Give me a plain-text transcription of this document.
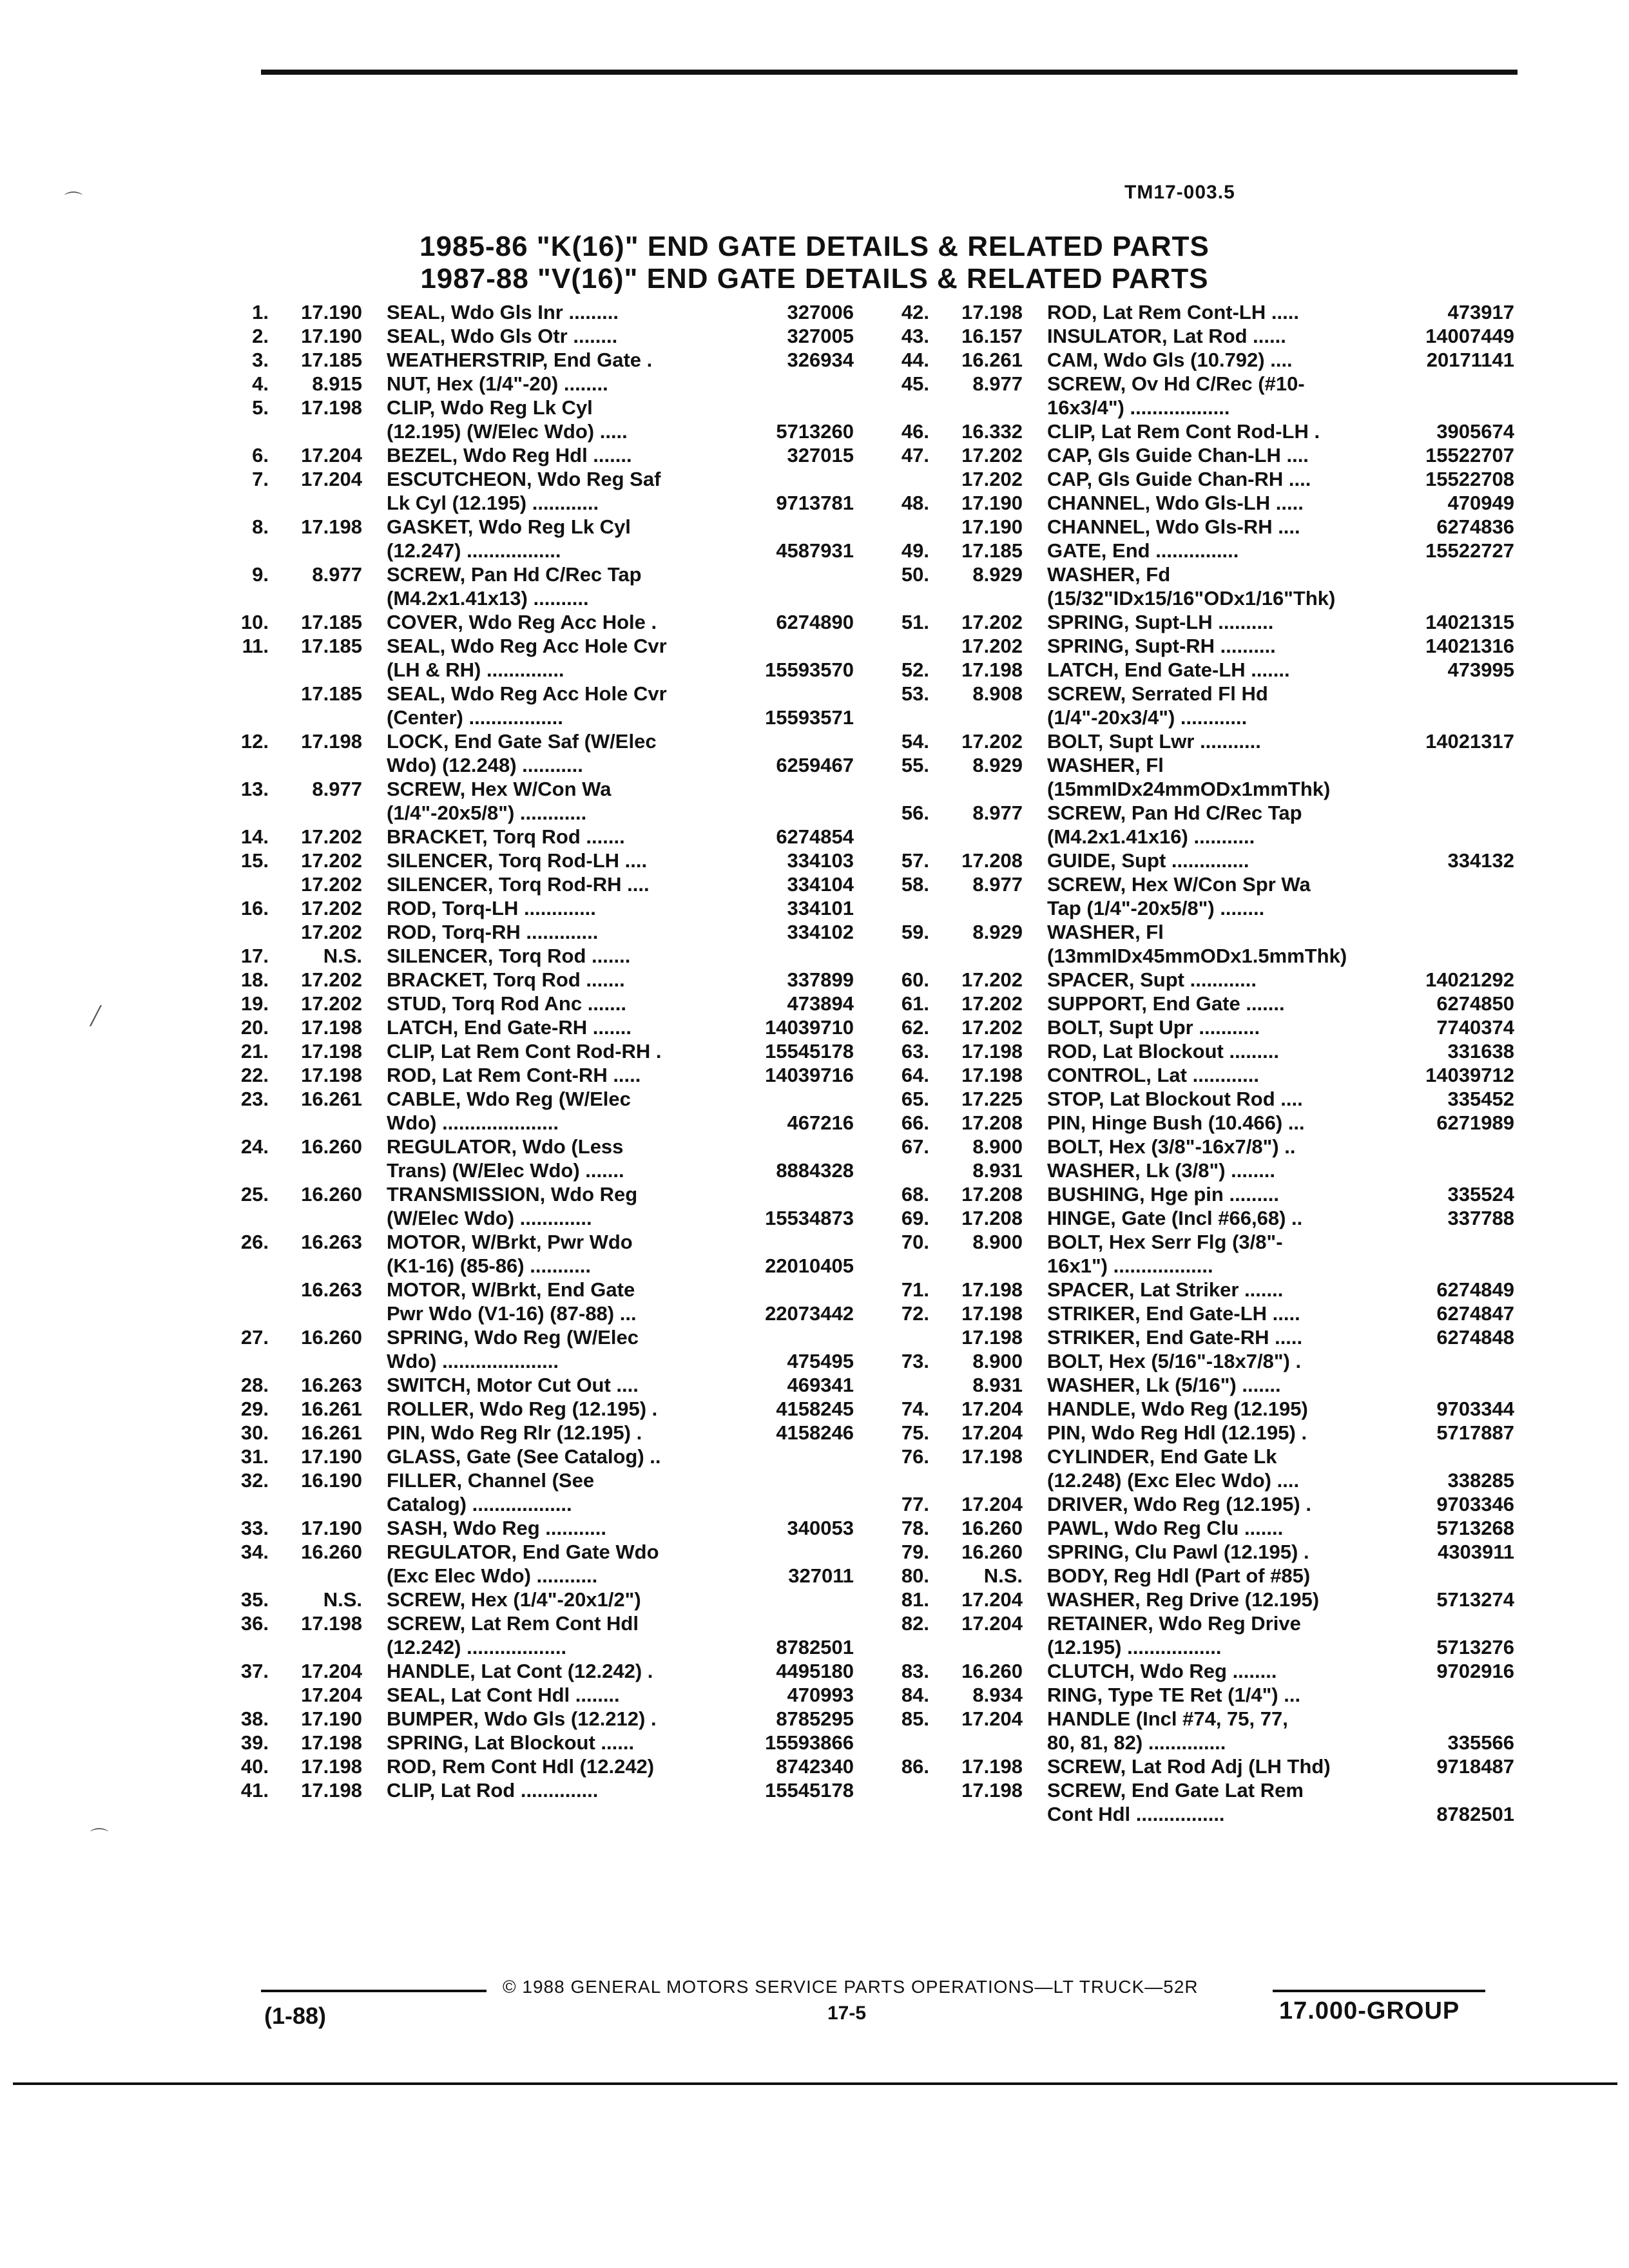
TM17-003.5
1985-86 "K(16)" END GATE DETAILS & RELATED PARTS
1987-88 "V(16)" END GATE DETAILS & RELATED PARTS
1.	17.190 SEAL, Wdo Gls Inr .........	327006
2.	17.190 SEAL, Wdo Gls Otr ........	327005
3.	17.185 WEATHERSTRIP, End Gate .	326934
4.	8.915 NUT, Hex (1/4"-20) ........
5.	17.198 CLIP, Wdo Reg Lk Cyl
(12.195) (W/Elec Wdo) .....	5713260
6.	17.204 BEZEL, Wdo Reg Hdl .......	327015
7.	17.204 ESCUTCHEON, Wdo Reg Saf
Lk Cyl (12.195) ............	9713781
8.	17.198 GASKET, Wdo Reg Lk Cyl
(12.247) .................	4587931
9.	8.977 SCREW, Pan Hd C/Rec Tap
(M4.2x1.41x13) ..........
10.	17.185 COVER, Wdo Reg Acc Hole .	6274890
11.	17.185 SEAL, Wdo Reg Acc Hole Cvr
(LH & RH) ..............	15593570
17.185 SEAL, Wdo Reg Acc Hole Cvr
(Center) .................	15593571
12.	17.198 LOCK, End Gate Saf (W/Elec
Wdo) (12.248) ...........	6259467
13.	8.977 SCREW, Hex W/Con Wa
(1/4"-20x5/8") ............
14.	17.202 BRACKET, Torq Rod .......	6274854
15.	17.202 SILENCER, Torq Rod-LH ....	334103
17.202 SILENCER, Torq Rod-RH ....	334104
16.	17.202 ROD, Torq-LH .............	334101
17.202 ROD, Torq-RH .............	334102
17.	N.S. SILENCER, Torq Rod .......
18.	17.202 BRACKET, Torq Rod .......	337899
19.	17.202 STUD, Torq Rod Anc .......	473894
20.	17.198 LATCH, End Gate-RH .......	14039710
21.	17.198 CLIP, Lat Rem Cont Rod-RH .	15545178
22.	17.198 ROD, Lat Rem Cont-RH .....	14039716
23.	16.261 CABLE, Wdo Reg (W/Elec
Wdo) .....................	467216
24.	16.260 REGULATOR, Wdo (Less
Trans) (W/Elec Wdo) .......	8884328
25.	16.260 TRANSMISSION, Wdo Reg
(W/Elec Wdo) .............	15534873
26.	16.263 MOTOR, W/Brkt, Pwr Wdo
(K1-16) (85-86) ...........	22010405
16.263 MOTOR, W/Brkt, End Gate
Pwr Wdo (V1-16) (87-88) ...	22073442
27.	16.260 SPRING, Wdo Reg (W/Elec
Wdo) .....................	475495
28.	16.263 SWITCH, Motor Cut Out ....	469341
29.	16.261 ROLLER, Wdo Reg (12.195) .	4158245
30.	16.261 PIN, Wdo Reg Rlr (12.195) .	4158246
31.	17.190 GLASS, Gate (See Catalog) ..
32.	16.190 FILLER, Channel (See
Catalog) ..................
33.	17.190 SASH, Wdo Reg ...........	340053
34.	16.260 REGULATOR, End Gate Wdo
(Exc Elec Wdo) ...........	327011
35.	N.S. SCREW, Hex (1/4"-20x1/2")
36.	17.198 SCREW, Lat Rem Cont Hdl
(12.242) ..................	8782501
37.	17.204 HANDLE, Lat Cont (12.242) .	4495180
17.204 SEAL, Lat Cont Hdl ........	470993
38.	17.190 BUMPER, Wdo Gls (12.212) .	8785295
39.	17.198 SPRING, Lat Blockout ......	15593866
40.	17.198 ROD, Rem Cont Hdl (12.242)	8742340
41.	17.198 CLIP, Lat Rod ..............	15545178
42.	17.198 ROD, Lat Rem Cont-LH .....	473917
43.	16.157 INSULATOR, Lat Rod ......	14007449
44.	16.261 CAM, Wdo Gls (10.792) ....	20171141
45.	8.977 SCREW, Ov Hd C/Rec (#10-
16x3/4") ..................
46.	16.332 CLIP, Lat Rem Cont Rod-LH .	3905674
47.	17.202 CAP, Gls Guide Chan-LH ....	15522707
17.202 CAP, Gls Guide Chan-RH ....	15522708
48.	17.190 CHANNEL, Wdo Gls-LH .....	470949
17.190 CHANNEL, Wdo Gls-RH ....	6274836
49.	17.185 GATE, End ...............	15522727
50.	8.929 WASHER, Fd
(15/32"IDx15/16"ODx1/16"Thk)
51.	17.202 SPRING, Supt-LH ..........	14021315
17.202 SPRING, Supt-RH ..........	14021316
52.	17.198 LATCH, End Gate-LH .......	473995
53.	8.908 SCREW, Serrated Fl Hd
(1/4"-20x3/4") ............
54.	17.202 BOLT, Supt Lwr ...........	14021317
55.	8.929 WASHER, Fl
(15mmIDx24mmODx1mmThk)
56.	8.977 SCREW, Pan Hd C/Rec Tap
(M4.2x1.41x16) ...........
57.	17.208 GUIDE, Supt ..............	334132
58.	8.977 SCREW, Hex W/Con Spr Wa
Tap (1/4"-20x5/8") ........
59.	8.929 WASHER, Fl
(13mmIDx45mmODx1.5mmThk)
60.	17.202 SPACER, Supt ............	14021292
61.	17.202 SUPPORT, End Gate .......	6274850
62.	17.202 BOLT, Supt Upr ...........	7740374
63.	17.198 ROD, Lat Blockout .........	331638
64.	17.198 CONTROL, Lat ............	14039712
65.	17.225 STOP, Lat Blockout Rod ....	335452
66.	17.208 PIN, Hinge Bush (10.466) ...	6271989
67.	8.900 BOLT, Hex (3/8"-16x7/8") ..
8.931 WASHER, Lk (3/8") ........
68.	17.208 BUSHING, Hge pin .........	335524
69.	17.208 HINGE, Gate (Incl #66,68) ..	337788
70.	8.900 BOLT, Hex Serr Flg (3/8"-
16x1") ..................
71.	17.198 SPACER, Lat Striker .......	6274849
72.	17.198 STRIKER, End Gate-LH .....	6274847
17.198 STRIKER, End Gate-RH .....	6274848
73.	8.900 BOLT, Hex (5/16"-18x7/8") .
8.931 WASHER, Lk (5/16") .......
74.	17.204 HANDLE, Wdo Reg (12.195)	9703344
75.	17.204 PIN, Wdo Reg Hdl (12.195) .	5717887
76.	17.198 CYLINDER, End Gate Lk
(12.248) (Exc Elec Wdo) ....	338285
77.	17.204 DRIVER, Wdo Reg (12.195) .	9703346
78.	16.260 PAWL, Wdo Reg Clu .......	5713268
79.	16.260 SPRING, Clu Pawl (12.195) .	4303911
80.	N.S. BODY, Reg Hdl (Part of #85)
81.	17.204 WASHER, Reg Drive (12.195)	5713274
82.	17.204 RETAINER, Wdo Reg Drive
(12.195) .................	5713276
83.	16.260 CLUTCH, Wdo Reg ........	9702916
84.	8.934 RING, Type TE Ret (1/4") ...
85.	17.204 HANDLE (Incl #74, 75, 77,
80, 81, 82) ..............	335566
86.	17.198 SCREW, Lat Rod Adj (LH Thd)	9718487
17.198 SCREW, End Gate Lat Rem
Cont Hdl ................	8782501
© 1988 GENERAL MOTORS SERVICE PARTS OPERATIONS—LT TRUCK—52R
(1-88)	17-5	17.000-GROUP
⌒
╱
⌒
